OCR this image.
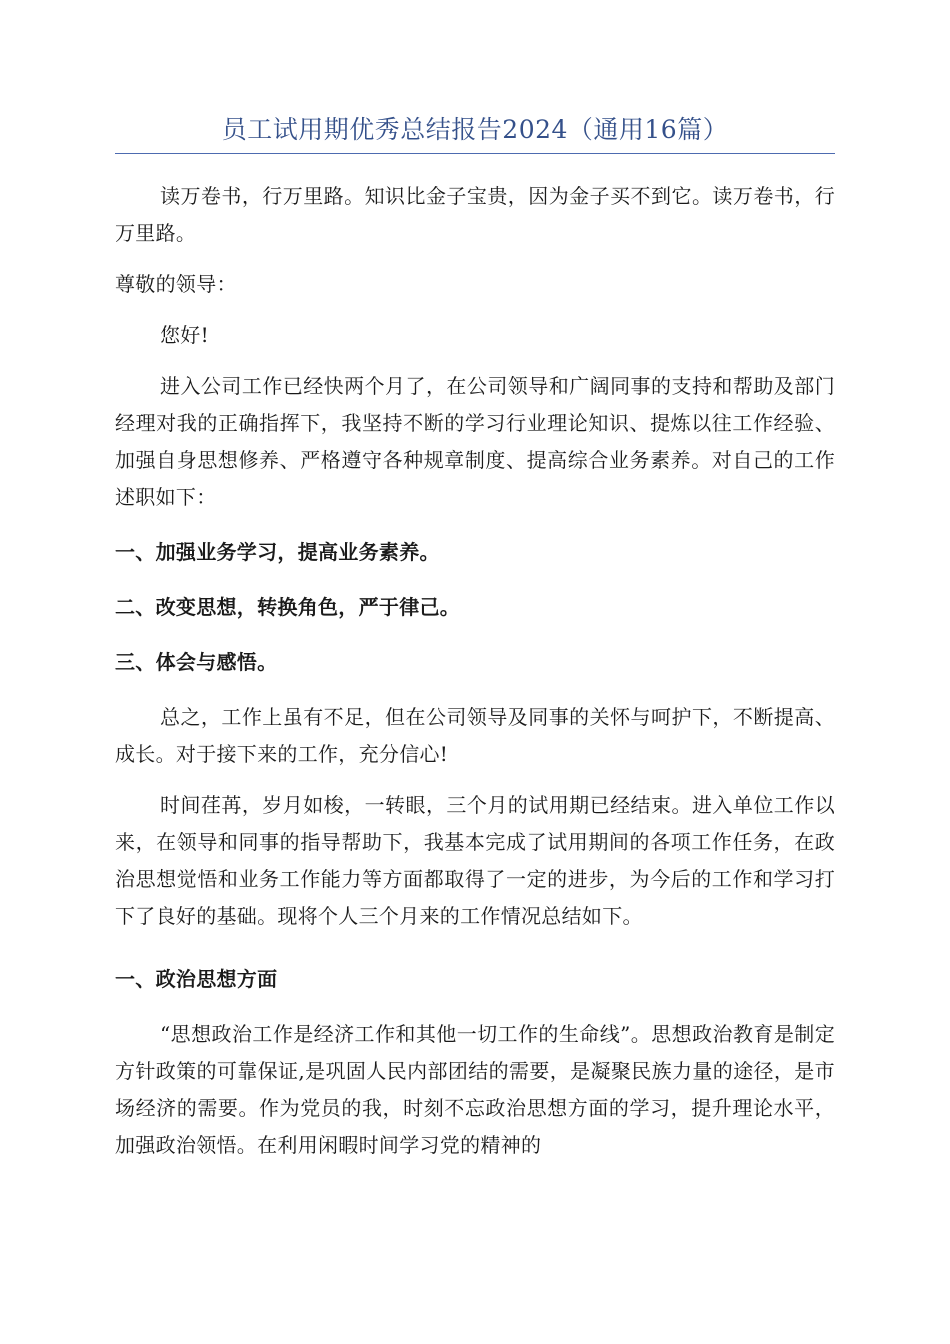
员工试用期优秀总结报告2024（通用16篇）

读万卷书，行万里路。知识比金子宝贵，因为金子买不到它。读万卷书，行万里路。

尊敬的领导：

您好!

进入公司工作已经快两个月了，在公司领导和广阔同事的支持和帮助及部门经理对我的正确指挥下，我坚持不断的学习行业理论知识、提炼以往工作经验、加强自身思想修养、严格遵守各种规章制度、提高综合业务素养。对自己的工作述职如下：

一、加强业务学习，提高业务素养。

二、改变思想，转换角色，严于律己。

三、体会与感悟。

总之，工作上虽有不足，但在公司领导及同事的关怀与呵护下，不断提高、成长。对于接下来的工作，充分信心!

时间荏苒，岁月如梭，一转眼，三个月的试用期已经结束。进入单位工作以来，在领导和同事的指导帮助下，我基本完成了试用期间的各项工作任务，在政治思想觉悟和业务工作能力等方面都取得了一定的进步，为今后的工作和学习打下了良好的基础。现将个人三个月来的工作情况总结如下。

一、政治思想方面

“思想政治工作是经济工作和其他一切工作的生命线”。思想政治教育是制定方针政策的可靠保证,是巩固人民内部团结的需要，是凝聚民族力量的途径，是市场经济的需要。作为党员的我，时刻不忘政治思想方面的学习，提升理论水平，加强政治领悟。在利用闲暇时间学习党的精神的
